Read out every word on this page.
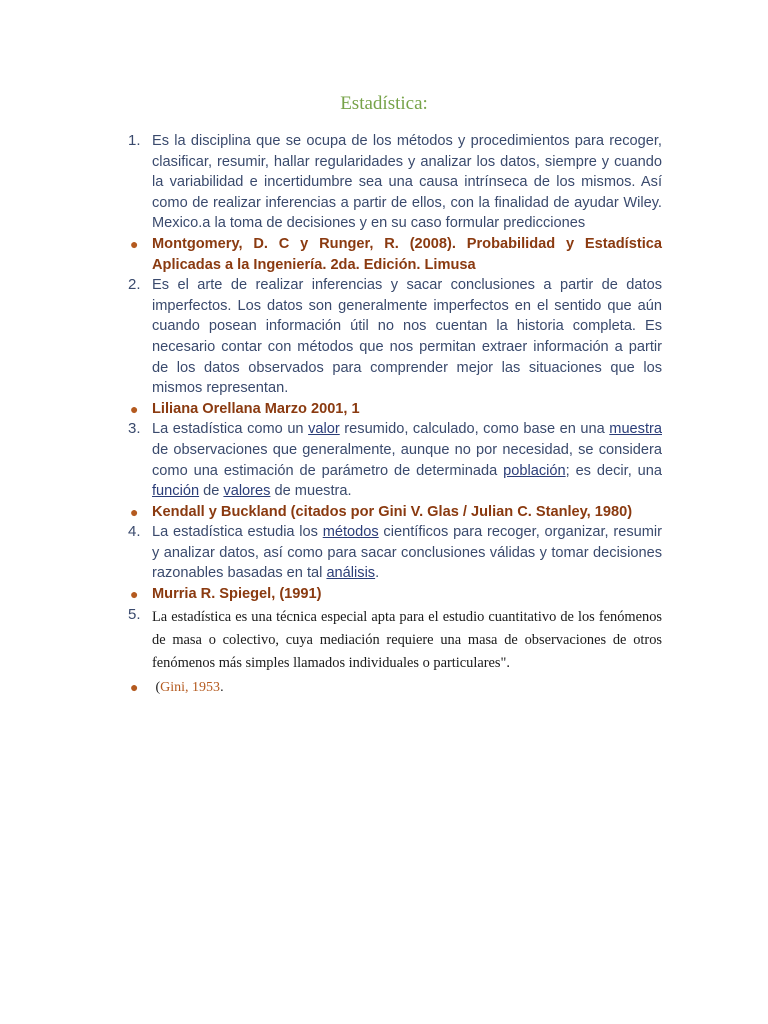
Estadística:
1. Es la disciplina que se ocupa de los métodos y procedimientos para recoger, clasificar, resumir, hallar regularidades y analizar los datos, siempre y cuando la variabilidad e incertidumbre sea una causa intrínseca de los mismos. Así como de realizar inferencias a partir de ellos, con la finalidad de ayudar Wiley. Mexico.a la toma de decisiones y en su caso formular predicciones
● Montgomery, D. C y Runger, R. (2008). Probabilidad y Estadística Aplicadas a la Ingeniería. 2da. Edición. Limusa
2. Es el arte de realizar inferencias y sacar conclusiones a partir de datos imperfectos. Los datos son generalmente imperfectos en el sentido que aún cuando posean información útil no nos cuentan la historia completa. Es necesario contar con métodos que nos permitan extraer información a partir de los datos observados para comprender mejor las situaciones que los mismos representan.
● Liliana Orellana Marzo 2001, 1
3. La estadística como un valor resumido, calculado, como base en una muestra de observaciones que generalmente, aunque no por necesidad, se considera como una estimación de parámetro de determinada población; es decir, una función de valores de muestra.
● Kendall y Buckland (citados por Gini V. Glas / Julian C. Stanley, 1980)
4. La estadística estudia los métodos científicos para recoger, organizar, resumir y analizar datos, así como para sacar conclusiones válidas y tomar decisiones razonables basadas en tal análisis.
● Murria R. Spiegel, (1991)
5. La estadística es una técnica especial apta para el estudio cuantitativo de los fenómenos de masa o colectivo, cuya mediación requiere una masa de observaciones de otros fenómenos más simples llamados individuales o particulares".
● (Gini, 1953.
